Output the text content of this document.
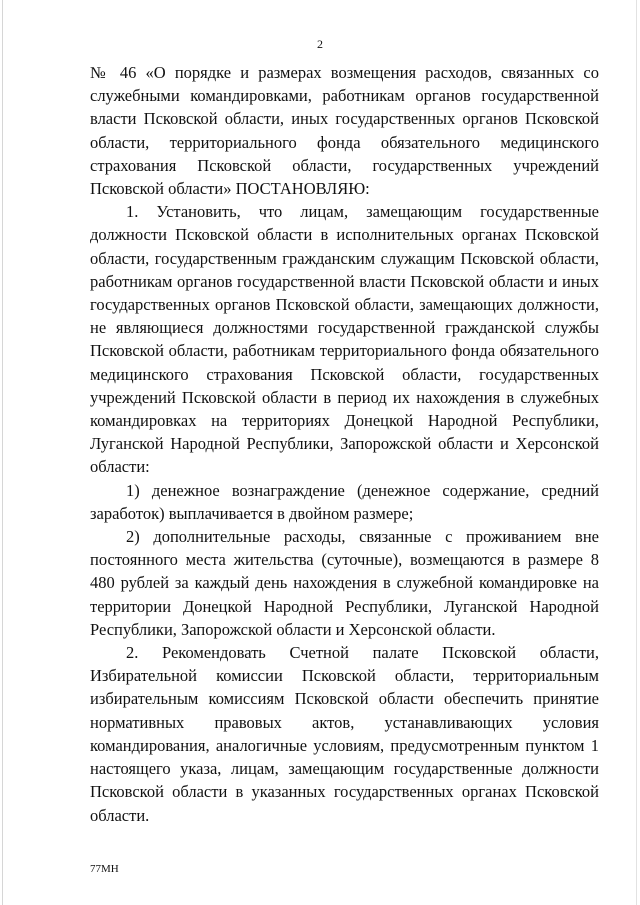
2

№ 46 «О порядке и размерах возмещения расходов, связанных со служебными командировками, работникам органов государственной власти Псковской области, иных государственных органов Псковской области, территориального фонда обязательного медицинского страхования Псковской области, государственных учреждений Псковской области» ПОСТАНОВЛЯЮ:

1. Установить, что лицам, замещающим государственные должности Псковской области в исполнительных органах Псковской области, государственным гражданским служащим Псковской области, работникам органов государственной власти Псковской области и иных государственных органов Псковской области, замещающих должности, не являющиеся должностями государственной гражданской службы Псковской области, работникам территориального фонда обязательного медицинского страхования Псковской области, государственных учреждений Псковской области в период их нахождения в служебных командировках на территориях Донецкой Народной Республики, Луганской Народной Республики, Запорожской области и Херсонской области:

1) денежное вознаграждение (денежное содержание, средний заработок) выплачивается в двойном размере;

2) дополнительные расходы, связанные с проживанием вне постоянного места жительства (суточные), возмещаются в размере 8 480 рублей за каждый день нахождения в служебной командировке на территории Донецкой Народной Республики, Луганской Народной Республики, Запорожской области и Херсонской области.

2. Рекомендовать Счетной палате Псковской области, Избирательной комиссии Псковской области, территориальным избирательным комиссиям Псковской области обеспечить принятие нормативных правовых актов, устанавливающих условия командирования, аналогичные условиям, предусмотренным пунктом 1 настоящего указа, лицам, замещающим государственные должности Псковской области в указанных государственных органах Псковской области.

77МН
